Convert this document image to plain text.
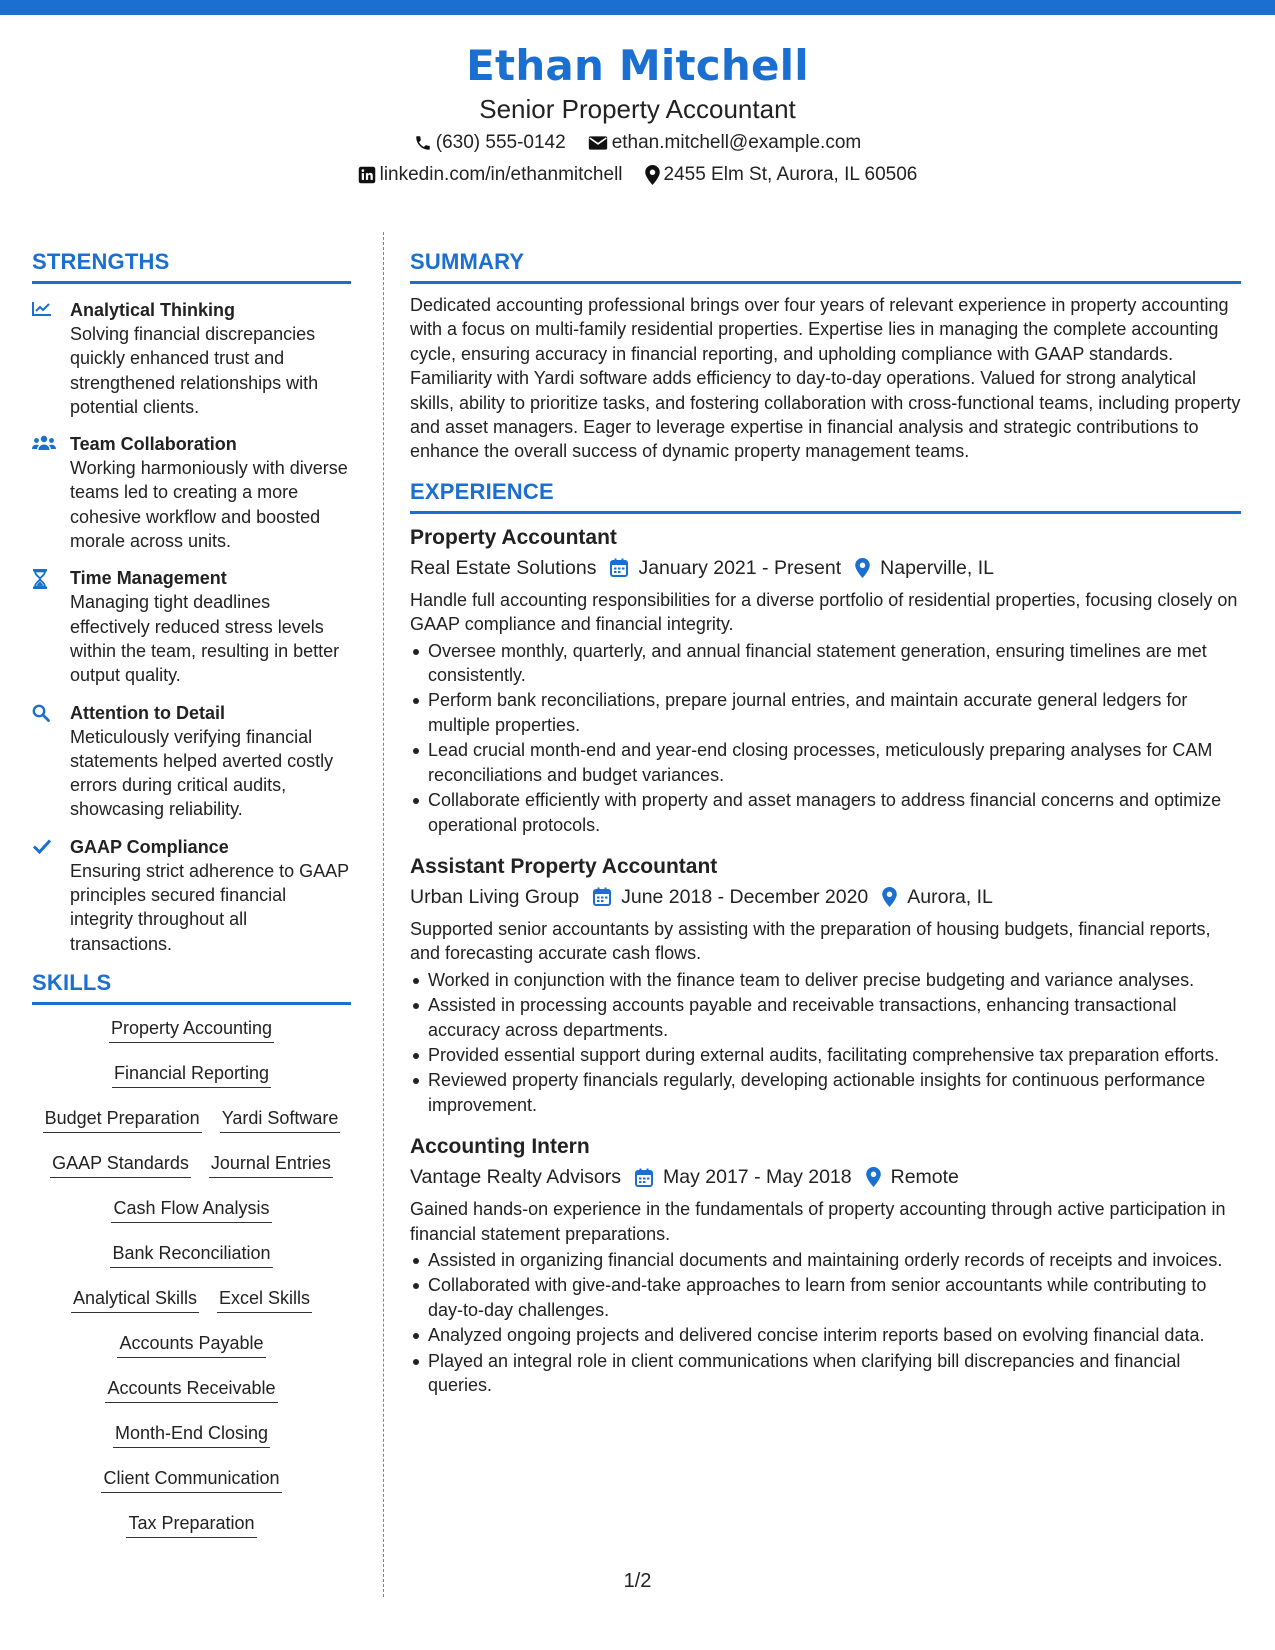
Ethan Mitchell
Senior Property Accountant
(630) 555-0142 ethan.mitchell@example.com
linkedin.com/in/ethanmitchell 2455 Elm St, Aurora, IL 60506
STRENGTHS
Analytical Thinking
Solving financial discrepancies quickly enhanced trust and strengthened relationships with potential clients.
Team Collaboration
Working harmoniously with diverse teams led to creating a more cohesive workflow and boosted morale across units.
Time Management
Managing tight deadlines effectively reduced stress levels within the team, resulting in better output quality.
Attention to Detail
Meticulously verifying financial statements helped averted costly errors during critical audits, showcasing reliability.
GAAP Compliance
Ensuring strict adherence to GAAP principles secured financial integrity throughout all transactions.
SKILLS
Property Accounting
Financial Reporting
Budget Preparation Yardi Software
GAAP Standards Journal Entries
Cash Flow Analysis
Bank Reconciliation
Analytical Skills Excel Skills
Accounts Payable
Accounts Receivable
Month-End Closing
Client Communication
Tax Preparation
SUMMARY
Dedicated accounting professional brings over four years of relevant experience in property accounting with a focus on multi-family residential properties. Expertise lies in managing the complete accounting cycle, ensuring accuracy in financial reporting, and upholding compliance with GAAP standards. Familiarity with Yardi software adds efficiency to day-to-day operations. Valued for strong analytical skills, ability to prioritize tasks, and fostering collaboration with cross-functional teams, including property and asset managers. Eager to leverage expertise in financial analysis and strategic contributions to enhance the overall success of dynamic property management teams.
EXPERIENCE
Property Accountant
Real Estate Solutions January 2021 - Present Naperville, IL
Handle full accounting responsibilities for a diverse portfolio of residential properties, focusing closely on GAAP compliance and financial integrity.
Oversee monthly, quarterly, and annual financial statement generation, ensuring timelines are met consistently.
Perform bank reconciliations, prepare journal entries, and maintain accurate general ledgers for multiple properties.
Lead crucial month-end and year-end closing processes, meticulously preparing analyses for CAM reconciliations and budget variances.
Collaborate efficiently with property and asset managers to address financial concerns and optimize operational protocols.
Assistant Property Accountant
Urban Living Group June 2018 - December 2020 Aurora, IL
Supported senior accountants by assisting with the preparation of housing budgets, financial reports, and forecasting accurate cash flows.
Worked in conjunction with the finance team to deliver precise budgeting and variance analyses.
Assisted in processing accounts payable and receivable transactions, enhancing transactional accuracy across departments.
Provided essential support during external audits, facilitating comprehensive tax preparation efforts.
Reviewed property financials regularly, developing actionable insights for continuous performance improvement.
Accounting Intern
Vantage Realty Advisors May 2017 - May 2018 Remote
Gained hands-on experience in the fundamentals of property accounting through active participation in financial statement preparations.
Assisted in organizing financial documents and maintaining orderly records of receipts and invoices.
Collaborated with give-and-take approaches to learn from senior accountants while contributing to day-to-day challenges.
Analyzed ongoing projects and delivered concise interim reports based on evolving financial data.
Played an integral role in client communications when clarifying bill discrepancies and financial queries.
1/2
